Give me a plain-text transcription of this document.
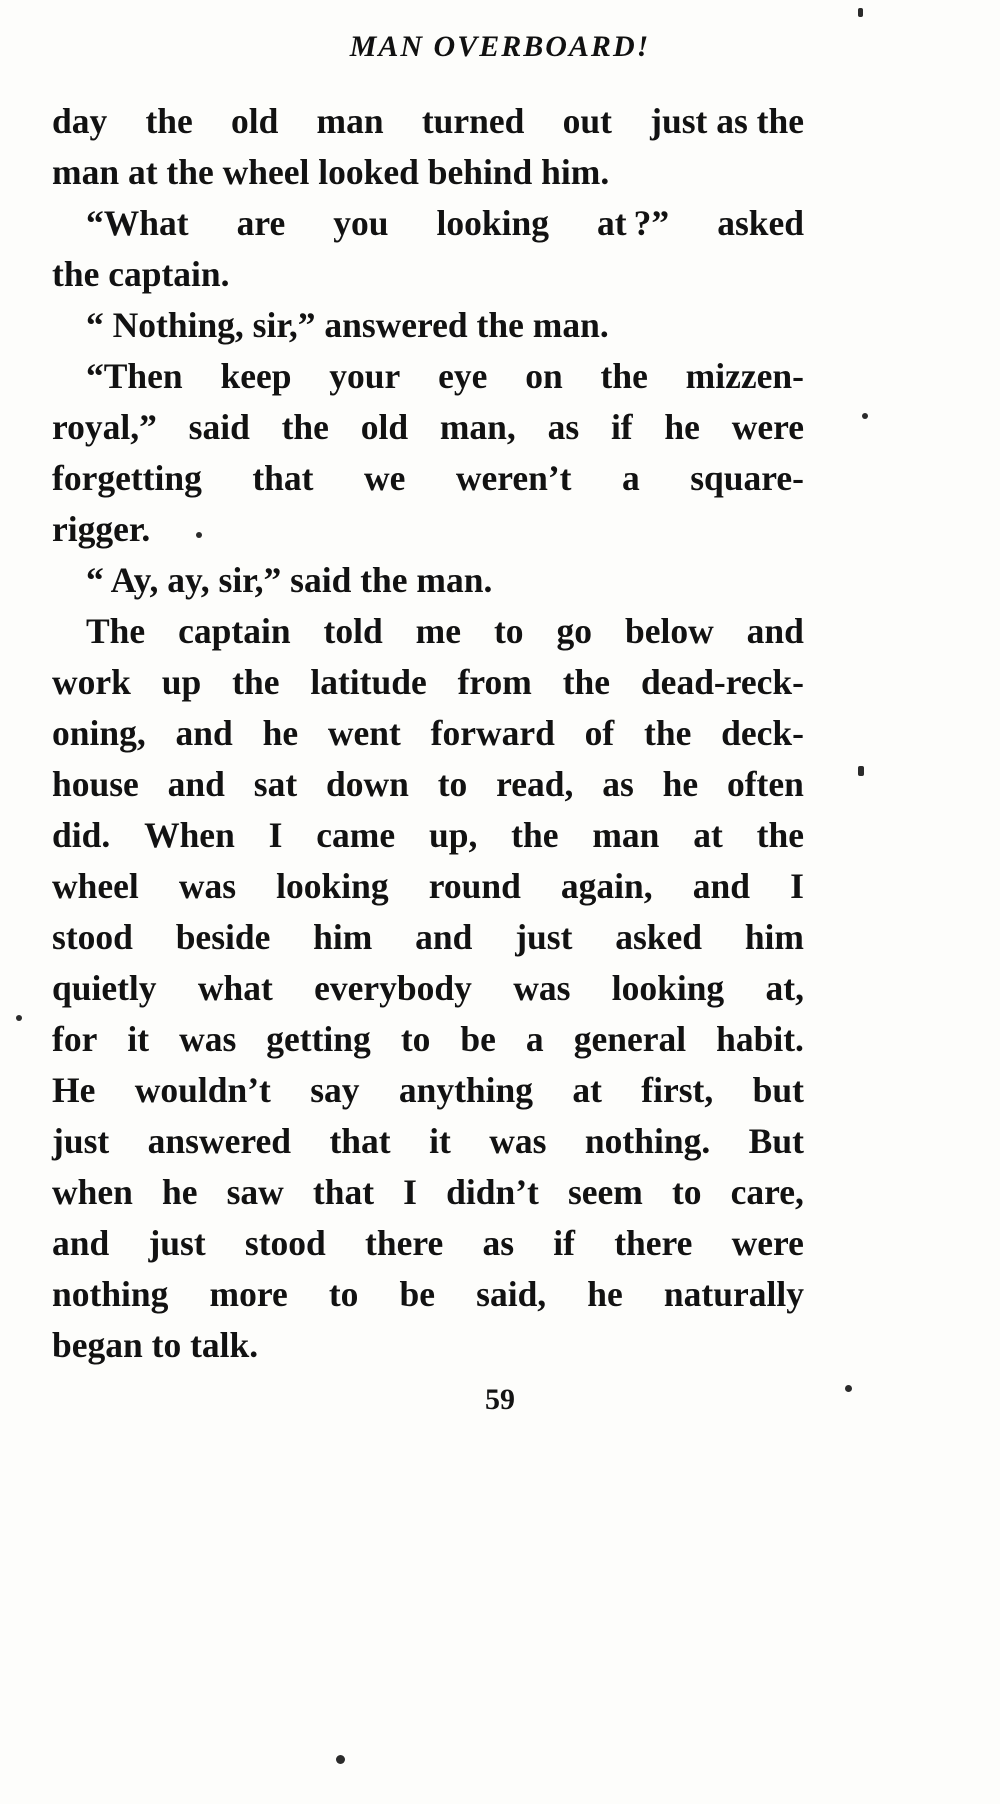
MAN OVERBOARD!

day the old man turned out just as the
man at the wheel looked behind him.

“What are you looking at ?” asked
the captain.

“ Nothing, sir,” answered the man.

“Then keep your eye on the mizzen-
royal,” said the old man, as if he were
forgetting that we weren’t a square-
rigger.

“ Ay, ay, sir,” said the man.

The captain told me to go below and
work up the latitude from the dead-reck-
oning, and he went forward of the deck-
house and sat down to read, as he often
did. When I came up, the man at the
wheel was looking round again, and I
stood beside him and just asked him
quietly what everybody was looking at,
for it was getting to be a general habit.
He wouldn’t say anything at first, but
just answered that it was nothing. But
when he saw that I didn’t seem to care,
and just stood there as if there were
nothing more to be said, he naturally
began to talk.

59
